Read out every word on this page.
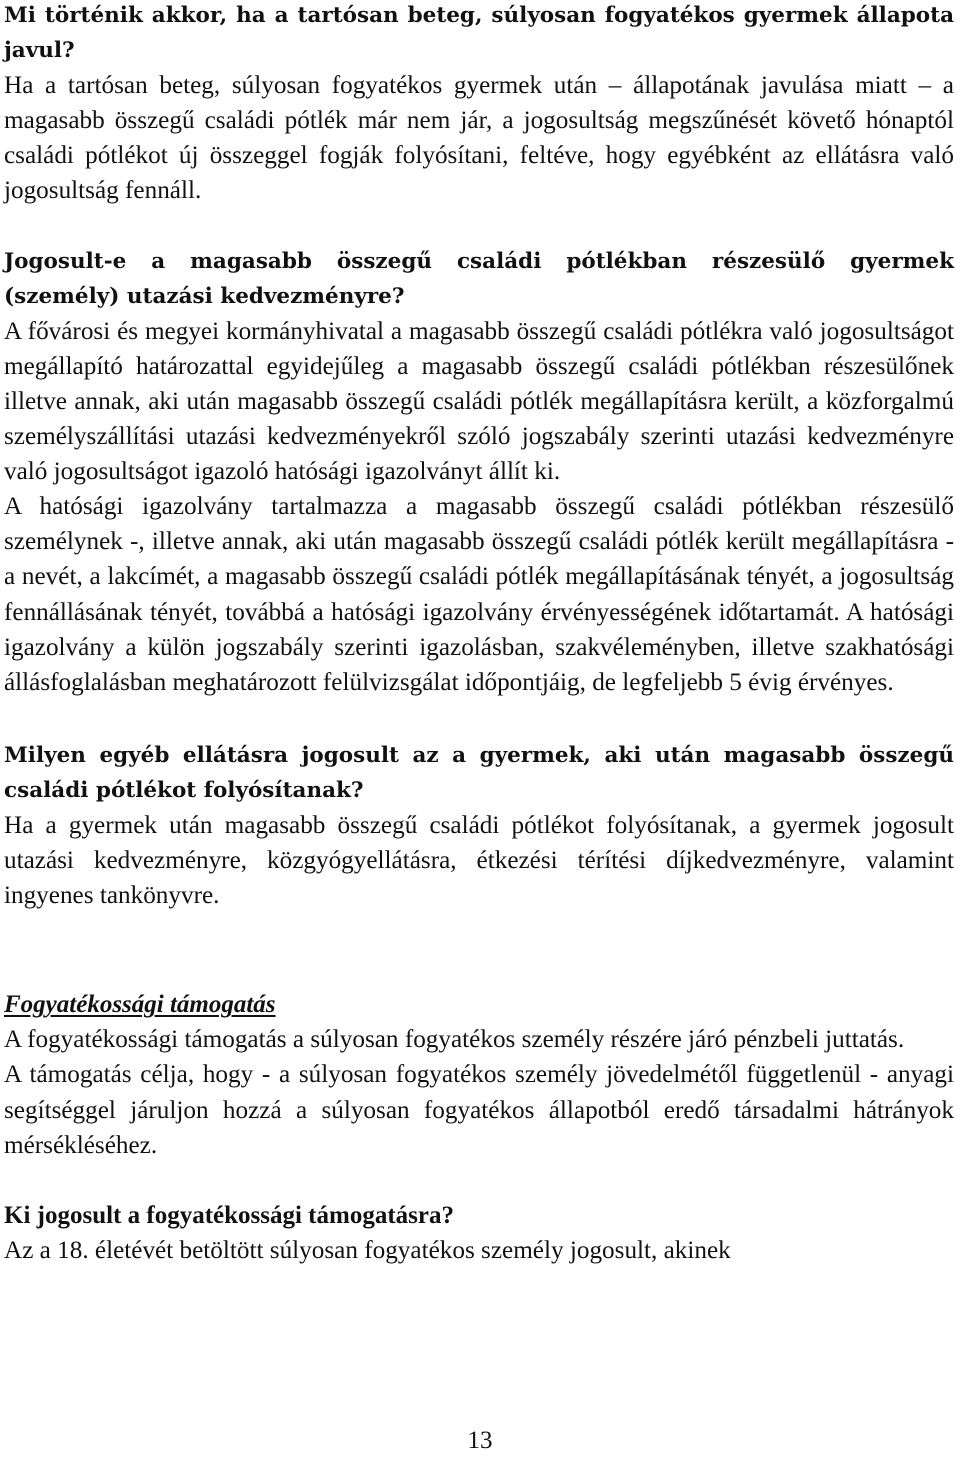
Mi történik akkor, ha a tartósan beteg, súlyosan fogyatékos gyermek állapota javul?

Ha a tartósan beteg, súlyosan fogyatékos gyermek után – állapotának javulása miatt – a magasabb összegű családi pótlék már nem jár, a jogosultság megszűnését követő hónaptól családi pótlékot új összeggel fogják folyósítani, feltéve, hogy egyébként az ellátásra való jogosultság fennáll.

Jogosult-e a magasabb összegű családi pótlékban részesülő gyermek (személy) utazási kedvezményre?

A fővárosi és megyei kormányhivatal a magasabb összegű családi pótlékra való jogosultságot megállapító határozattal egyidejűleg a magasabb összegű családi pótlékban részesülőnek illetve annak, aki után magasabb összegű családi pótlék megállapításra került, a közforgalmú személyszállítási utazási kedvezményekről szóló jogszabály szerinti utazási kedvezményre való jogosultságot igazoló hatósági igazolványt állít ki.

A hatósági igazolvány tartalmazza a magasabb összegű családi pótlékban részesülő személynek -, illetve annak, aki után magasabb összegű családi pótlék került megállapításra - a nevét, a lakcímét, a magasabb összegű családi pótlék megállapításának tényét, a jogosultság fennállásának tényét, továbbá a hatósági igazolvány érvényességének időtartamát. A hatósági igazolvány a külön jogszabály szerinti igazolásban, szakvéleményben, illetve szakhatósági állásfoglalásban meghatározott felülvizsgálat időpontjáig, de legfeljebb 5 évig érvényes.

Milyen egyéb ellátásra jogosult az a gyermek, aki után magasabb összegű családi pótlékot folyósítanak?

Ha a gyermek után magasabb összegű családi pótlékot folyósítanak, a gyermek jogosult utazási kedvezményre, közgyógyellátásra, étkezési térítési díjkedvezményre, valamint ingyenes tankönyvre.

Fogyatékossági támogatás

A fogyatékossági támogatás a súlyosan fogyatékos személy részére járó pénzbeli juttatás.

A támogatás célja, hogy - a súlyosan fogyatékos személy jövedelmétől függetlenül - anyagi segítséggel járuljon hozzá a súlyosan fogyatékos állapotból eredő társadalmi hátrányok mérsékléséhez.

Ki jogosult a fogyatékossági támogatásra?

Az a 18. életévét betöltött súlyosan fogyatékos személy jogosult, akinek

13
